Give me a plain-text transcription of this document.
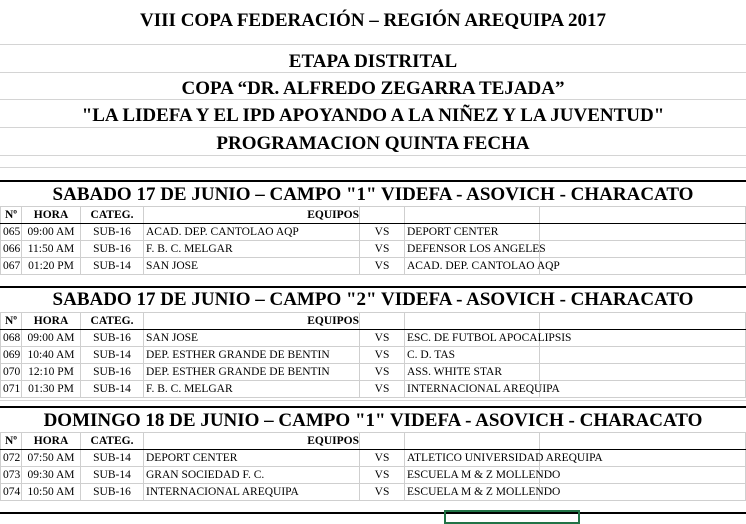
VIII COPA FEDERACIÓN – REGIÓN AREQUIPA 2017
ETAPA DISTRITAL
COPA “DR. ALFREDO ZEGARRA TEJADA”
"LA LIDEFA Y EL IPD APOYANDO A LA NIÑEZ Y LA JUVENTUD"
PROGRAMACION QUINTA FECHA
SABADO 17 DE JUNIO – CAMPO "1" VIDEFA - ASOVICH - CHARACATO
Nº	HORA	CATEG.	EQUIPOS			
065	09:00 AM	SUB-16	ACAD. DEP. CANTOLAO AQP	VS	DEPORT CENTER	
066	11:50 AM	SUB-16	F. B. C. MELGAR	VS	DEFENSOR LOS ANGELES	
067	01:20 PM	SUB-14	SAN JOSE	VS	ACAD. DEP. CANTOLAO AQP	
SABADO 17 DE JUNIO – CAMPO "2" VIDEFA - ASOVICH - CHARACATO
Nº	HORA	CATEG.	EQUIPOS			
068	09:00 AM	SUB-16	SAN JOSE	VS	ESC. DE FUTBOL APOCALIPSIS	
069	10:40 AM	SUB-14	DEP. ESTHER GRANDE DE BENTIN	VS	C. D. TAS	
070	12:10 PM	SUB-16	DEP. ESTHER GRANDE DE BENTIN	VS	ASS. WHITE STAR	
071	01:30 PM	SUB-14	F. B. C. MELGAR	VS	INTERNACIONAL AREQUIPA	
DOMINGO 18 DE JUNIO – CAMPO "1" VIDEFA - ASOVICH - CHARACATO
Nº	HORA	CATEG.	EQUIPOS			
072	07:50 AM	SUB-14	DEPORT CENTER	VS	ATLETICO UNIVERSIDAD AREQUIPA	
073	09:30 AM	SUB-14	GRAN SOCIEDAD F. C.	VS	ESCUELA M & Z MOLLENDO	
074	10:50 AM	SUB-16	INTERNACIONAL AREQUIPA	VS	ESCUELA M & Z MOLLENDO	
